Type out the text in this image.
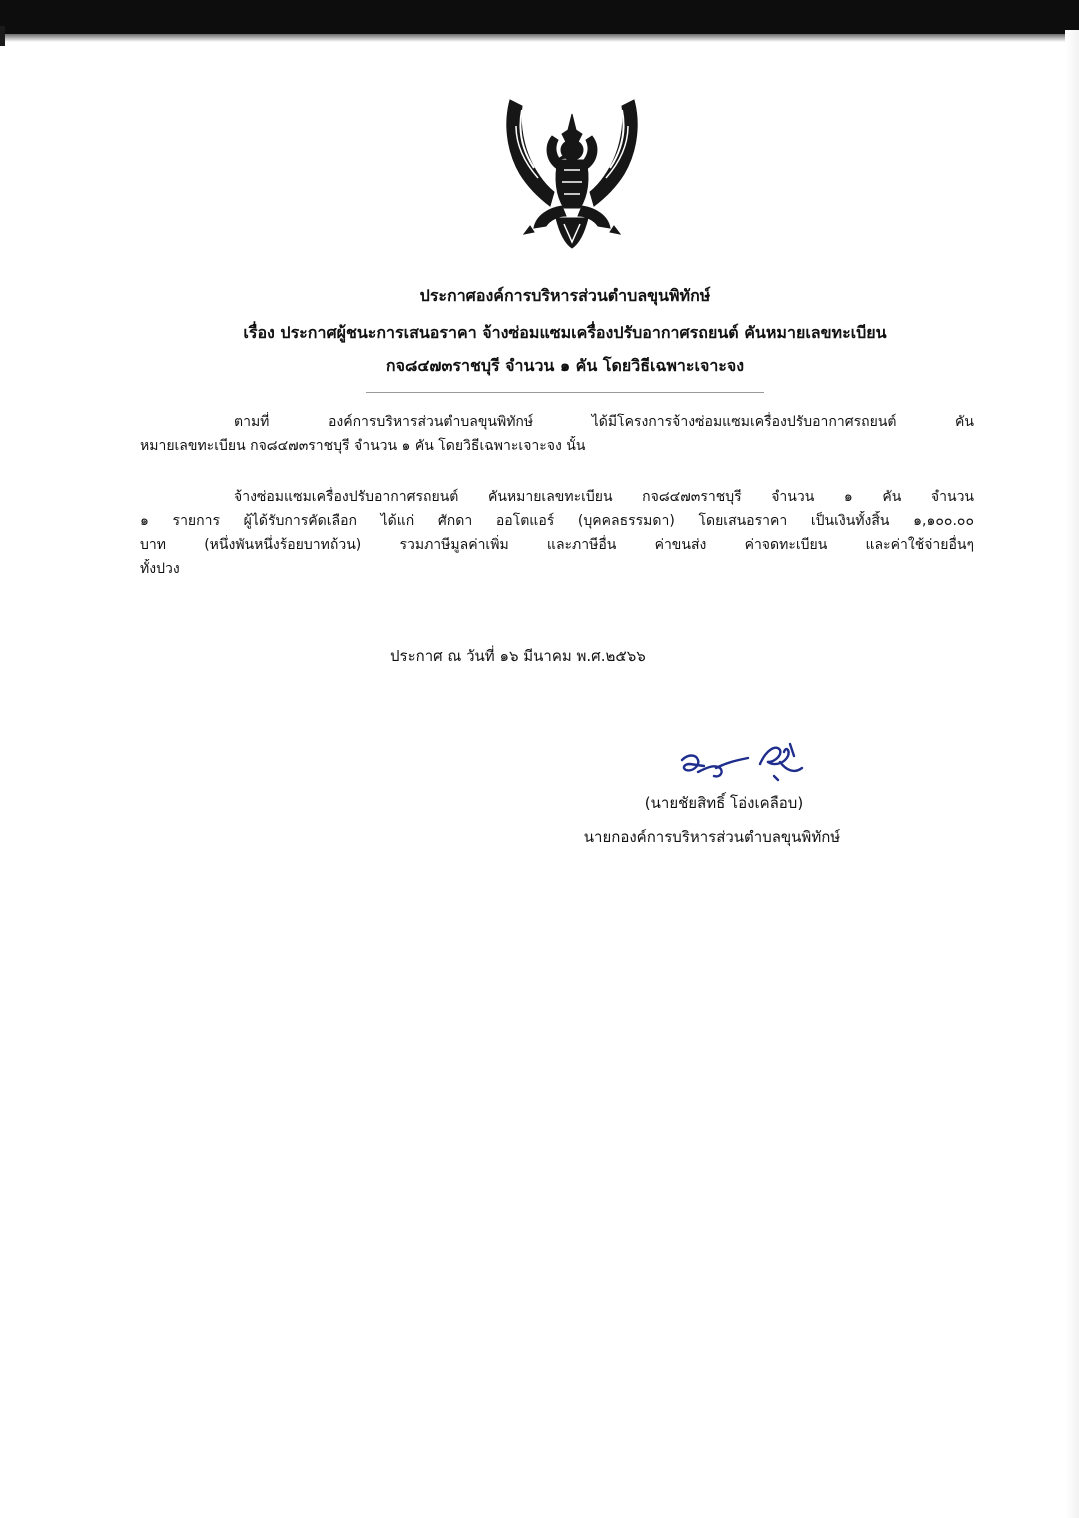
ประกาศองค์การบริหารส่วนตำบลขุนพิทักษ์
เรื่อง ประกาศผู้ชนะการเสนอราคา จ้างซ่อมแซมเครื่องปรับอากาศรถยนต์ คันหมายเลขทะเบียน
กจ๘๔๗๓ราชบุรี จำนวน ๑ คัน โดยวิธีเฉพาะเจาะจง
ตามที่ องค์การบริหารส่วนตำบลขุนพิทักษ์ ได้มีโครงการจ้างซ่อมแซมเครื่องปรับอากาศรถยนต์ คัน
หมายเลขทะเบียน กจ๘๔๗๓ราชบุรี จำนวน ๑ คัน โดยวิธีเฉพาะเจาะจง นั้น
จ้างซ่อมแซมเครื่องปรับอากาศรถยนต์ คันหมายเลขทะเบียน กจ๘๔๗๓ราชบุรี จำนวน ๑ คัน จำนวน
๑ รายการ ผู้ได้รับการคัดเลือก ได้แก่ ศักดา ออโตแอร์ (บุคคลธรรมดา) โดยเสนอราคา เป็นเงินทั้งสิ้น ๑,๑๐๐.๐๐
บาท (หนึ่งพันหนึ่งร้อยบาทถ้วน) รวมภาษีมูลค่าเพิ่ม และภาษีอื่น ค่าขนส่ง ค่าจดทะเบียน และค่าใช้จ่ายอื่นๆ
ทั้งปวง
ประกาศ ณ วันที่ ๑๖ มีนาคม พ.ศ.๒๕๖๖
(นายชัยสิทธิ์ โอ่งเคลือบ)
นายกองค์การบริหารส่วนตำบลขุนพิทักษ์
